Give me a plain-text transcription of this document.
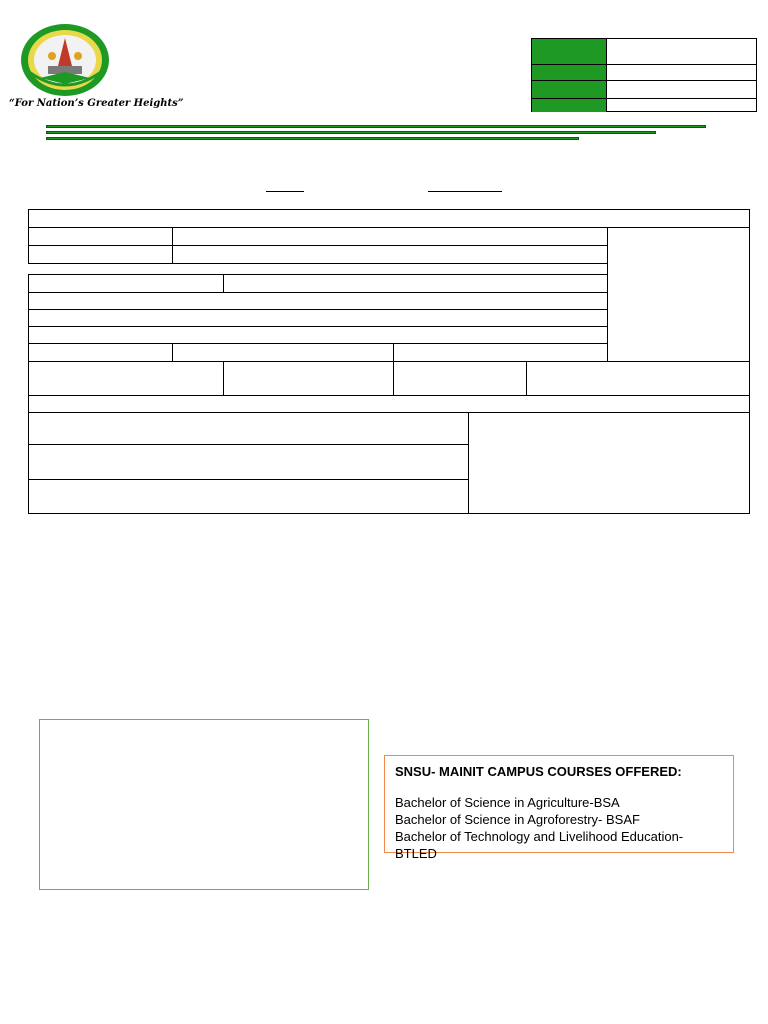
“For Nation’s Greater Heights”
SNSU- MAINIT CAMPUS COURSES OFFERED:
Bachelor of Science in Agriculture-BSA
Bachelor of Science in Agroforestry- BSAF
Bachelor of Technology and Livelihood Education- BTLED
